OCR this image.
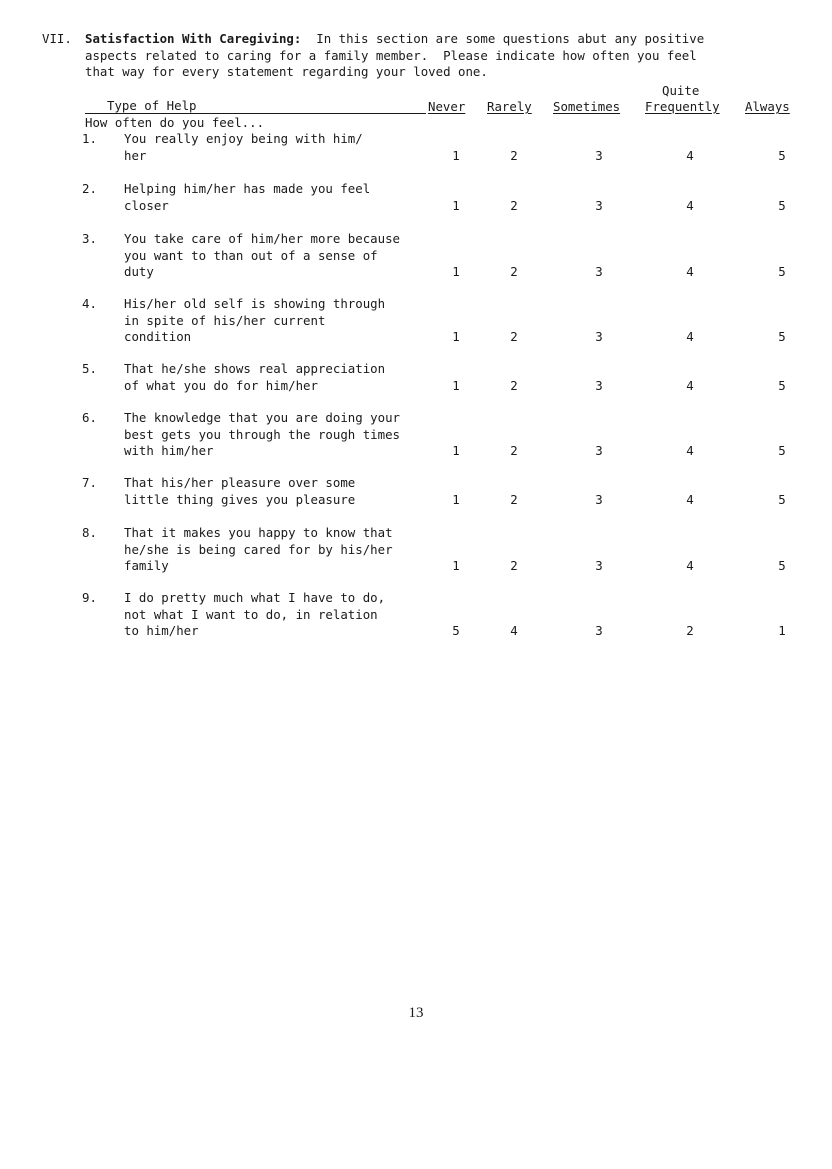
VII. Satisfaction With Caregiving:  In this section are some questions abut any positive
aspects related to caring for a family member.  Please indicate how often you feel
that way for every statement regarding your loved one.
Quite
Type of Help	Never Rarely Sometimes Frequently Always
How often do you feel...
1. You really enjoy being with him/
her	1	2	3	4	5
2. Helping him/her has made you feel
closer	1	2	3	4	5
3. You take care of him/her more because
you want to than out of a sense of
duty	1	2	3	4	5
4. His/her old self is showing through
in spite of his/her current
condition	1	2	3	4	5
5. That he/she shows real appreciation
of what you do for him/her	1	2	3	4	5
6. The knowledge that you are doing your
best gets you through the rough times
with him/her	1	2	3	4	5
7. That his/her pleasure over some
little thing gives you pleasure	1	2	3	4	5
8. That it makes you happy to know that
he/she is being cared for by his/her
family	1	2	3	4	5
9. I do pretty much what I have to do,
not what I want to do, in relation
to him/her	5	4	3	2	1
13
